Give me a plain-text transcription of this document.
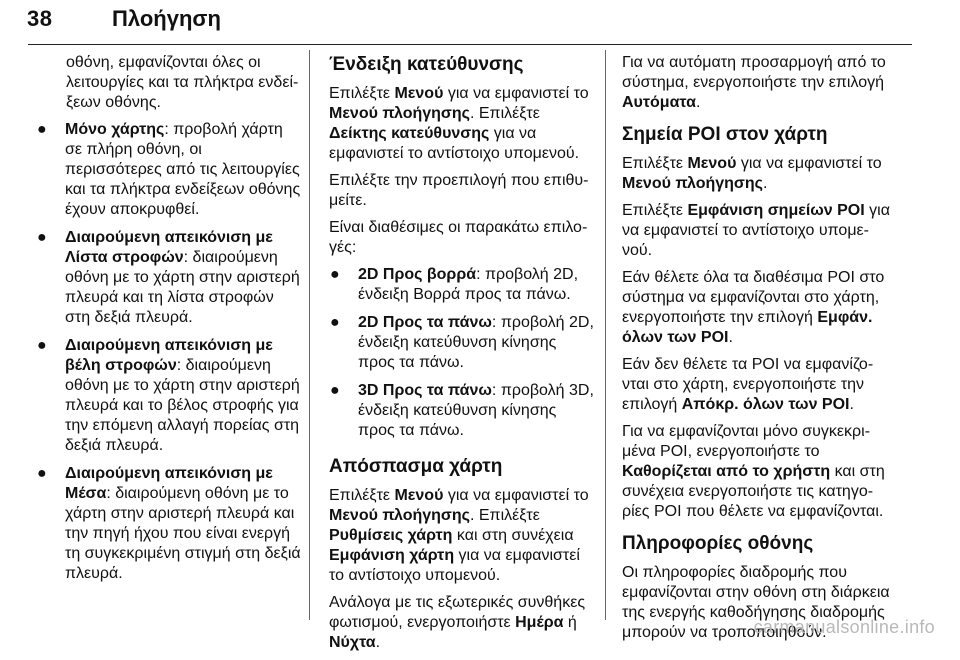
38	Πλοήγηση

οθόνη, εμφανίζονται όλες οι λειτουργίες και τα πλήκτρα ενδεί-ξεων οθόνης.

● Μόνο χάρτης: προβολή χάρτη σε πλήρη οθόνη, οι περισσότερες από τις λειτουργίες και τα πλήκτρα ενδείξεων οθόνης έχουν αποκρυφθεί.
● Διαιρούμενη απεικόνιση με Λίστα στροφών: διαιρούμενη οθόνη με το χάρτη στην αριστερή πλευρά και τη λίστα στροφών στη δεξιά πλευρά.
● Διαιρούμενη απεικόνιση με βέλη στροφών: διαιρούμενη οθόνη με το χάρτη στην αριστερή πλευρά και το βέλος στροφής για την επόμενη αλλαγή πορείας στη δεξιά πλευρά.
● Διαιρούμενη απεικόνιση με Μέσα: διαιρούμενη οθόνη με το χάρτη στην αριστερή πλευρά και την πηγή ήχου που είναι ενεργή τη συγκεκριμένη στιγμή στη δεξιά πλευρά.
Ένδειξη κατεύθυνσης

Επιλέξτε Μενού για να εμφανιστεί το Μενού πλοήγησης. Επιλέξτε Δείκτης κατεύθυνσης για να εμφανιστεί το αντίστοιχο υπομενού.

Επιλέξτε την προεπιλογή που επιθυ-μείτε.

Είναι διαθέσιμες οι παρακάτω επιλο-γές:

● 2D Προς βορρά: προβολή 2D, ένδειξη Βορρά προς τα πάνω.
● 2D Προς τα πάνω: προβολή 2D, ένδειξη κατεύθυνση κίνησης προς τα πάνω.
● 3D Προς τα πάνω: προβολή 3D, ένδειξη κατεύθυνση κίνησης προς τα πάνω.
Απόσπασμα χάρτη

Επιλέξτε Μενού για να εμφανιστεί το Μενού πλοήγησης. Επιλέξτε Ρυθμίσεις χάρτη και στη συνέχεια Εμφάνιση χάρτη για να εμφανιστεί το αντίστοιχο υπομενού.

Ανάλογα με τις εξωτερικές συνθήκες φωτισμού, ενεργοποιήστε Ημέρα ή Νύχτα.

Για να αυτόματη προσαρμογή από το σύστημα, ενεργοποιήστε την επιλογή Αυτόματα.

Σημεία POI στον χάρτη

Επιλέξτε Μενού για να εμφανιστεί το Μενού πλοήγησης.

Επιλέξτε Εμφάνιση σημείων POI για να εμφανιστεί το αντίστοιχο υπομε-νού.

Εάν θέλετε όλα τα διαθέσιμα POI στο σύστημα να εμφανίζονται στο χάρτη, ενεργοποιήστε την επιλογή Εμφάν. όλων των POI.

Εάν δεν θέλετε τα POI να εμφανίζο-νται στο χάρτη, ενεργοποιήστε την επιλογή Απόκρ. όλων των POI.

Για να εμφανίζονται μόνο συγκεκρι-μένα POI, ενεργοποιήστε το Καθορίζεται από το χρήστη και στη συνέχεια ενεργοποιήστε τις κατηγο-ρίες POI που θέλετε να εμφανίζονται.

Πληροφορίες οθόνης

Οι πληροφορίες διαδρομής που εμφανίζονται στην οθόνη στη διάρκεια της ενεργής καθοδήγησης διαδρομής μπορούν να τροποποιηθούν.

carmanualsonline.info
